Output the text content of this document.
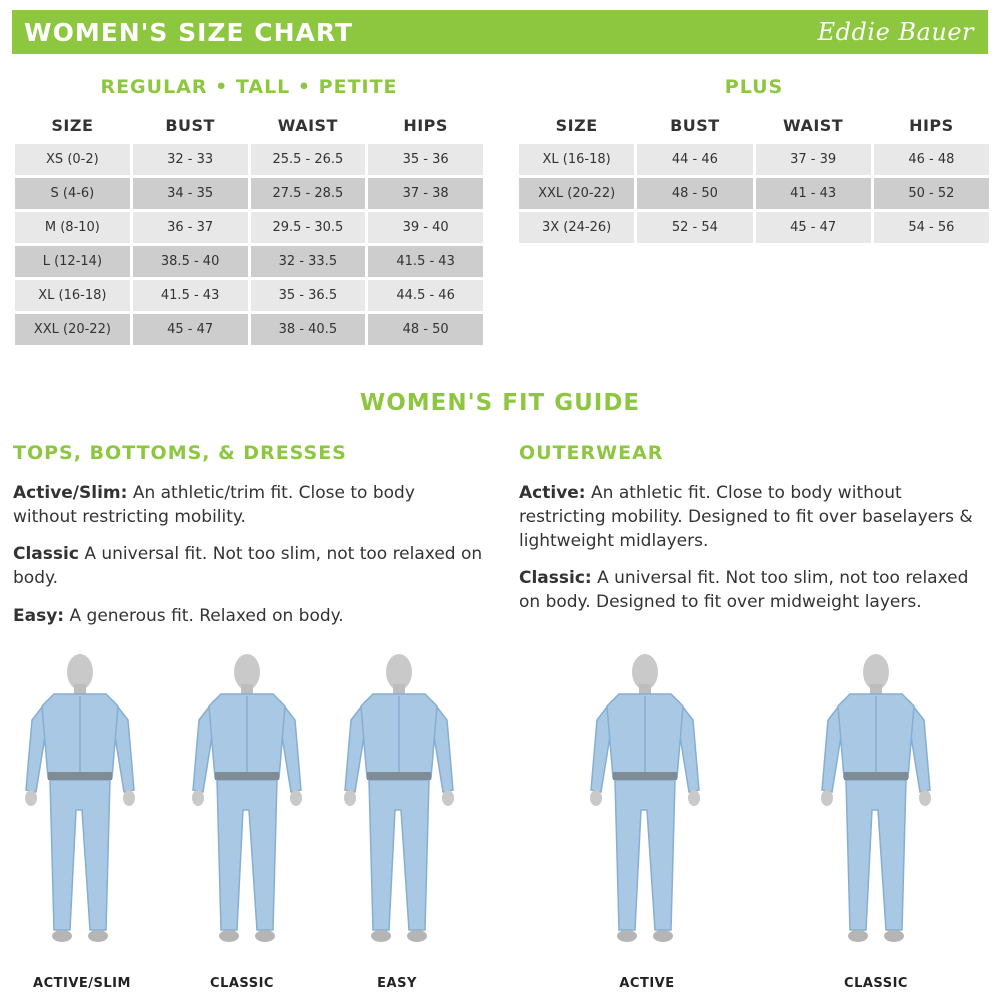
WOMEN'S SIZE CHART	Eddie Bauer
REGULAR • TALL • PETITE
SIZE	BUST	WAIST	HIPS
XS (0-2)	32 - 33	25.5 - 26.5	35 - 36
S (4-6)	34 - 35	27.5 - 28.5	37 - 38
M (8-10)	36 - 37	29.5 - 30.5	39 - 40
L (12-14)	38.5 - 40	32 - 33.5	41.5 - 43
XL (16-18)	41.5 - 43	35 - 36.5	44.5 - 46
XXL (20-22)	45 - 47	38 - 40.5	48 - 50
PLUS
SIZE	BUST	WAIST	HIPS
XL (16-18)	44 - 46	37 - 39	46 - 48
XXL (20-22)	48 - 50	41 - 43	50 - 52
3X (24-26)	52 - 54	45 - 47	54 - 56
WOMEN'S FIT GUIDE
TOPS, BOTTOMS, & DRESSES
Active/Slim: An athletic/trim fit. Close to body without restricting mobility.
Classic A universal fit. Not too slim, not too relaxed on body.
Easy: A generous fit. Relaxed on body.
OUTERWEAR
Active: An athletic fit. Close to body without restricting mobility. Designed to fit over baselayers & lightweight midlayers.
Classic: A universal fit. Not too slim, not too relaxed on body. Designed to fit over midweight layers.
ACTIVE/SLIM	CLASSIC	EASY	ACTIVE	CLASSIC
